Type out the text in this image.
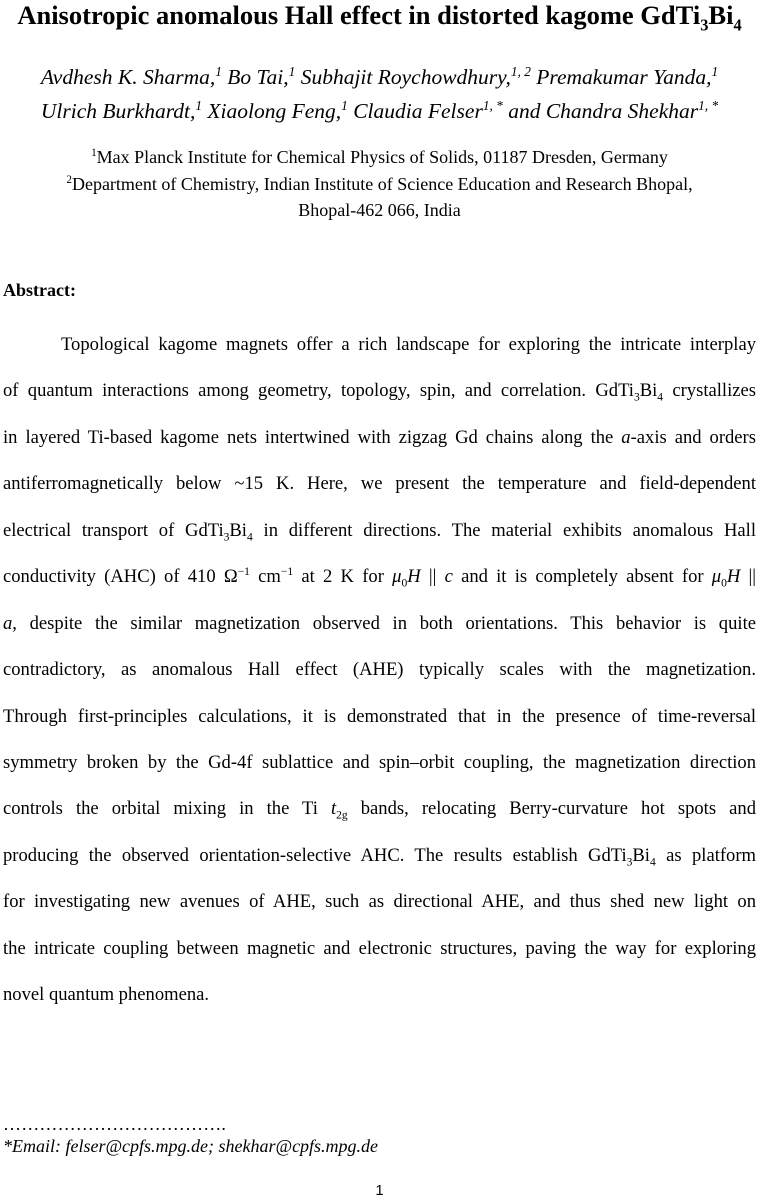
Anisotropic anomalous Hall effect in distorted kagome $GdTi_3Bi_4$
Avdhesh K. Sharma,$^1$ Bo Tai,$^1$ Subhajit Roychowdhury,$^{1, 2}$ Premakumar Yanda,$^1$
Ulrich Burkhardt,$^1$ Xiaolong Feng,$^1$ Claudia Felser$^{1, *}$ and Chandra Shekhar$^{1, *}$
$^1$Max Planck Institute for Chemical Physics of Solids, 01187 Dresden, Germany
$^2$Department of Chemistry, Indian Institute of Science Education and Research Bhopal,
Bhopal-462 066, India
Abstract:
Topological kagome magnets offer a rich landscape for exploring the intricate interplay
of quantum interactions among geometry, topology, spin, and correlation. $GdTi_3Bi_4$ crystallizes
in layered Ti-based kagome nets intertwined with zigzag Gd chains along the a-axis and orders
antiferromagnetically below ~15 K. Here, we present the temperature and field-dependent
electrical transport of $GdTi_3Bi_4$ in different directions. The material exhibits anomalous Hall
conductivity (AHC) of 410 $\Omega^{-1}$ $cm^{-1}$ at 2 K for $\mu_0H$ || c and it is completely absent for $\mu_0H$ ||
a, despite the similar magnetization observed in both orientations. This behavior is quite
contradictory, as anomalous Hall effect (AHE) typically scales with the magnetization.
Through first-principles calculations, it is demonstrated that in the presence of time-reversal
symmetry broken by the Gd-4f sublattice and spin–orbit coupling, the magnetization direction
controls the orbital mixing in the Ti $t_{2g}$ bands, relocating Berry-curvature hot spots and
producing the observed orientation-selective AHC. The results establish $GdTi_3Bi_4$ as platform
for investigating new avenues of AHE, such as directional AHE, and thus shed new light on
the intricate coupling between magnetic and electronic structures, paving the way for exploring
novel quantum phenomena.
……………………………….
*Email: felser@cpfs.mpg.de; shekhar@cpfs.mpg.de
1
